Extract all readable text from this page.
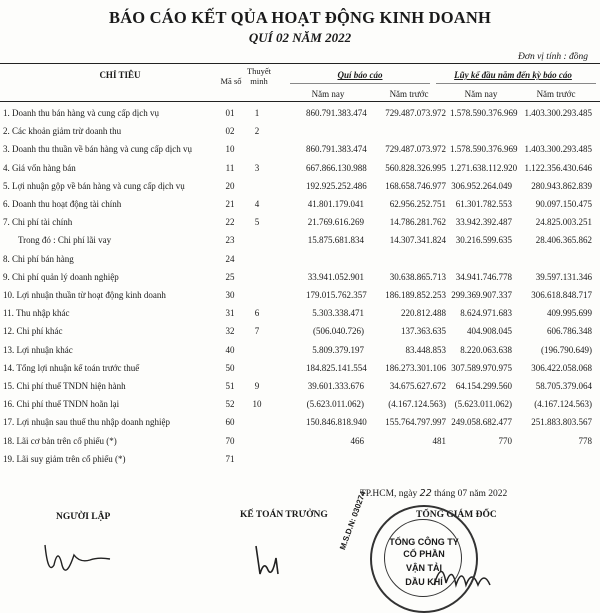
BÁO CÁO KẾT QỦA HOẠT ĐỘNG KINH DOANH
QUÍ 02 NĂM 2022
Đơn vị tính : đồng
CHỈ TIÊU
Mã số
Thuyết minh
Quí báo cáo	Lũy kế đầu năm đến kỳ báo cáo
Năm nay	Năm trước	Năm nay	Năm trước
1. Doanh thu bán hàng và cung cấp dịch vụ	01	1	860.791.383.474	729.487.073.972 1.578.590.376.969 1.403.300.293.485
2. Các khoản giảm trừ doanh thu	02	2
3. Doanh thu thuần về bán hàng và cung cấp dịch vụ	10	860.791.383.474	729.487.073.972 1.578.590.376.969 1.403.300.293.485
4. Giá vốn hàng bán	11	3	667.866.130.988	560.828.326.995 1.271.638.112.920 1.122.356.430.646
5. Lợi nhuận gộp về bán hàng và cung cấp dịch vụ	20	192.925.252.486	168.658.746.977 306.952.264.049	280.943.862.839
6. Doanh thu hoạt động tài chính	21	4	41.801.179.041	62.956.252.751	61.301.782.553	90.097.150.475
7. Chi phí tài chính	22	5	21.769.616.269	14.786.281.762	33.942.392.487	24.825.003.251
Trong đó : Chi phí lãi vay	23	15.875.681.834	14.307.341.824	30.216.599.635	28.406.365.862
8. Chi phí bán hàng	24
9. Chi phí quản lý doanh nghiệp	25	33.941.052.901	30.638.865.713	34.941.746.778	39.597.131.346
10. Lợi nhuận thuần từ hoạt động kinh doanh	30	179.015.762.357	186.189.852.253 299.369.907.337	306.618.848.717
11. Thu nhập khác	31	6	5.303.338.471	220.812.488	8.624.971.683	409.995.699
12. Chi phí khác	32	7	(506.040.726)	137.363.635	404.908.045	606.786.348
13. Lợi nhuận khác	40	5.809.379.197	83.448.853	8.220.063.638	(196.790.649)
14. Tổng lợi nhuận kế toán trước thuế	50	184.825.141.554	186.273.301.106 307.589.970.975	306.422.058.068
15. Chi phí thuế TNDN hiện hành	51	9	39.601.333.676	34.675.627.672	64.154.299.560	58.705.379.064
16. Chi phí thuế TNDN hoãn lại	52	10	(5.623.011.062)	(4.167.124.563) (5.623.011.062)	(4.167.124.563)
17. Lợi nhuận sau thuế thu nhập doanh nghiệp	60	150.846.818.940	155.764.797.997 249.058.682.477	251.883.803.567
18. Lãi cơ bản trên cổ phiếu (*)	70	466	481	770	778
19. Lãi suy giảm trên cổ phiếu (*)	71
TP.HCM, ngày 22 tháng 07 năm 2022
NGƯỜI LẬP	KẾ TOÁN TRƯỞNG	TỔNG GIÁM ĐỐC
TỔNG CÔNG TY
CỔ PHẦN
VẬN TẢI
DẦU KHÍ
M.S.D.N: 030274
